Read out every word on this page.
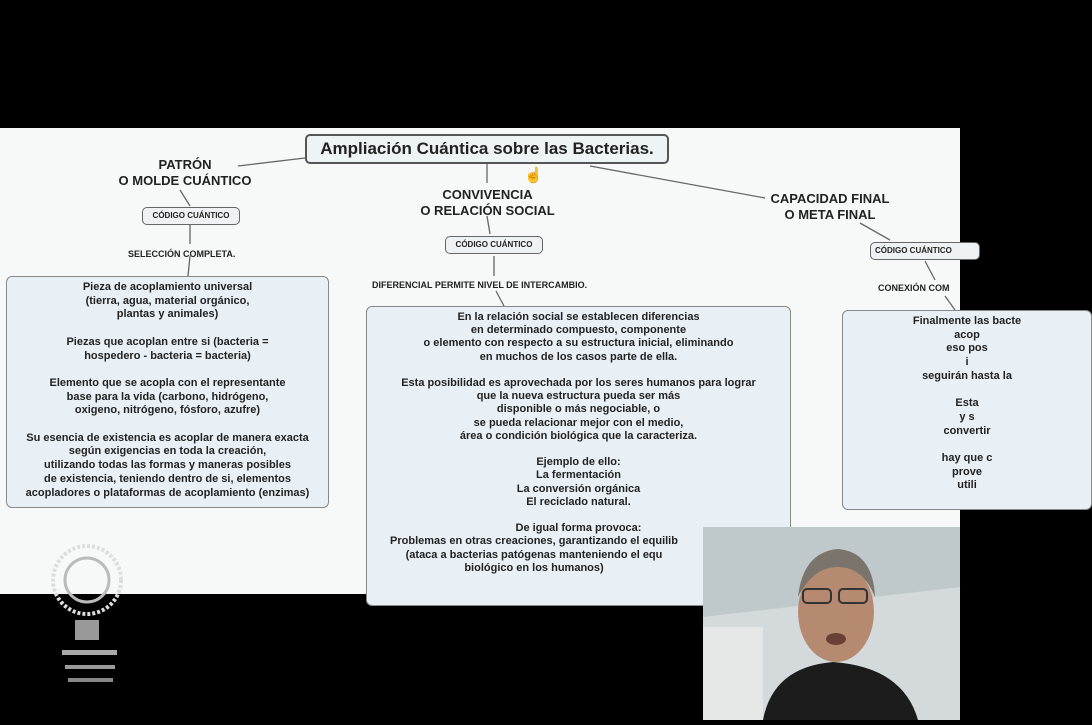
Ampliación Cuántica sobre las Bacterias.
☝
PATRÓN
O MOLDE CUÁNTICO
CÓDIGO CUÁNTICO
SELECCIÓN COMPLETA.

Pieza de acoplamiento universal

(tierra, agua, material orgánico,

plantas y animales)

Piezas que acoplan entre si (bacteria =

hospedero - bacteria = bacteria)

Elemento que se acopla con el representante

base para la vida (carbono, hidrógeno,

oxigeno, nitrógeno, fósforo, azufre)

Su esencia de existencia es acoplar de manera exacta

según exigencias en toda la creación,

utilizando todas las formas y maneras posibles

de existencia, teniendo dentro de si, elementos

acopladores o plataformas de acoplamiento (enzimas)

CONVIVENCIA
O RELACIÓN SOCIAL
CÓDIGO CUÁNTICO
DIFERENCIAL PERMITE NIVEL DE INTERCAMBIO.

En la relación social se establecen diferencias

en determinado compuesto, componente

o elemento con respecto a su estructura inicial, eliminando

en muchos de los casos parte de ella.

Esta posibilidad es aprovechada por los seres humanos para lograr

que la nueva estructura pueda ser más

disponible o más negociable, o

se pueda relacionar mejor con el medio,

área o condición biológica que la caracteriza.

Ejemplo de ello:

La fermentación

La conversión orgánica

El reciclado natural.

De igual forma provoca:

Problemas en otras creaciones, garantizando el equilib

(ataca a bacterias patógenas manteniendo el equ

biológico en los humanos)

CAPACIDAD FINAL
O META FINAL
CÓDIGO CUÁNTICO
CONEXIÓN COM

Finalmente las bacte

acop

eso pos

i

seguirán hasta la

Esta

y s

convertir

hay que c

prove

utili
